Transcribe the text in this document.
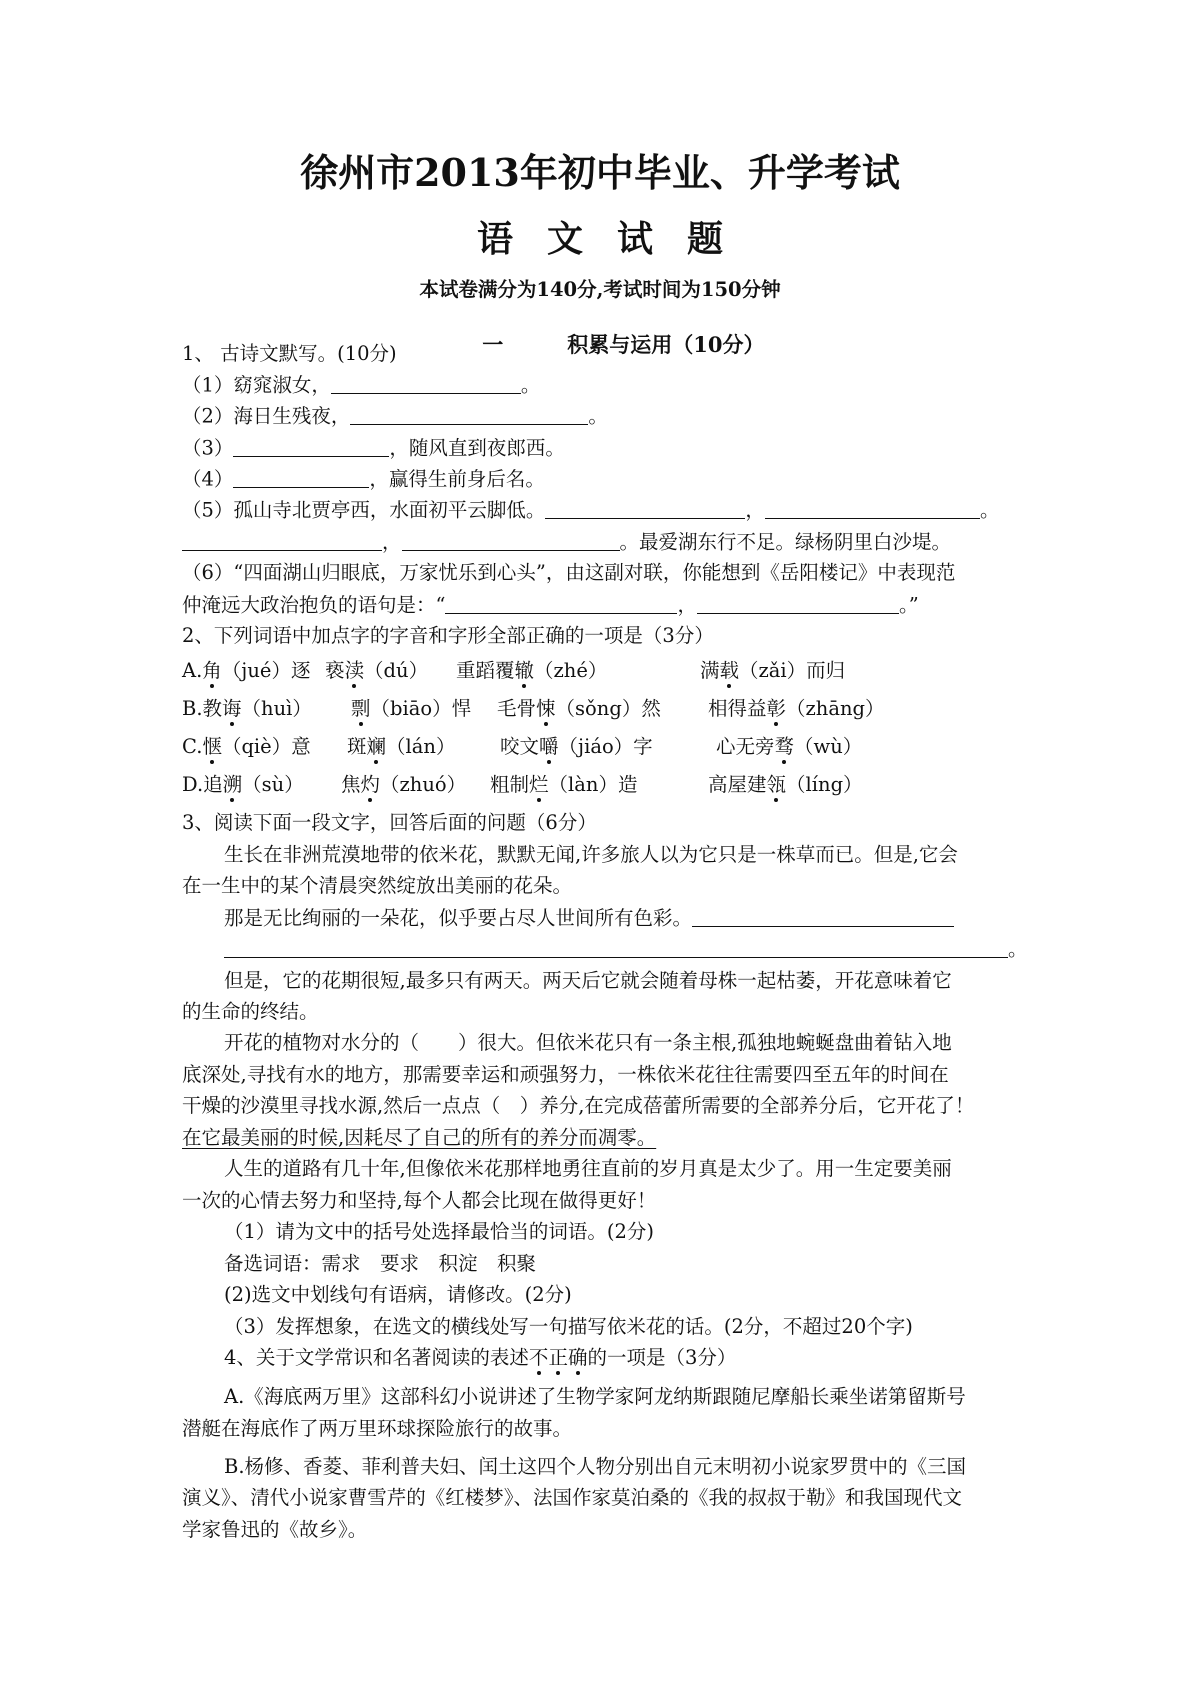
徐州市2013年初中毕业、升学考试
语文试题
本试卷满分为140分,考试时间为150分钟

一	积累与运用（10分）

1、 古诗文默写。(10分)
（1）窈窕淑女，	。
（2）海日生残夜，	。
（3）	，随风直到夜郎西。
（4）	，赢得生前身后名。
（5）孤山寺北贾亭西，水面初平云脚低。	，	。
，	。最爱湖东行不足。绿杨阴里白沙堤。
（6）“四面湖山归眼底，万家忧乐到心头”，由这副对联，你能想到《岳阳楼记》中表现范
仲淹远大政治抱负的语句是：“	，	。”
2、下列词语中加点字的字音和字形全部正确的一项是（3分）
A.角（jué）逐 亵渎（dú） 重蹈覆辙（zhé）	满载（zǎi）而归
B.教诲（huì） 剽（biāo）悍 毛骨悚（sǒng）然 相得益彰（zhāng）
C.惬（qiè）意 斑斓（lán） 咬文嚼（jiáo）字	心无旁骛（wù）
D.追溯（sù） 焦灼（zhuó） 粗制烂（làn）造	高屋建瓴（líng）
3、阅读下面一段文字，回答后面的问题（6分）
生长在非洲荒漠地带的依米花，默默无闻,许多旅人以为它只是一株草而已。但是,它会
在一生中的某个清晨突然绽放出美丽的花朵。
那是无比绚丽的一朵花，似乎要占尽人世间所有色彩。
。
但是，它的花期很短,最多只有两天。两天后它就会随着母株一起枯萎，开花意味着它
的生命的终结。
开花的植物对水分的（　　）很大。但依米花只有一条主根,孤独地蜿蜒盘曲着钻入地
底深处,寻找有水的地方，那需要幸运和顽强努力，一株依米花往往需要四至五年的时间在
干燥的沙漠里寻找水源,然后一点点（　）养分,在完成蓓蕾所需要的全部养分后，它开花了！
在它最美丽的时候,因耗尽了自己的所有的养分而凋零。
人生的道路有几十年,但像依米花那样地勇往直前的岁月真是太少了。用一生定要美丽
一次的心情去努力和坚持,每个人都会比现在做得更好！
（1）请为文中的括号处选择最恰当的词语。(2分)
备选词语：需求　要求　积淀　积聚
(2)选文中划线句有语病，请修改。(2分)
（3）发挥想象，在选文的横线处写一句描写依米花的话。(2分，不超过20个字)
4、关于文学常识和名著阅读的表述不正确的一项是（3分）
A.《海底两万里》这部科幻小说讲述了生物学家阿龙纳斯跟随尼摩船长乘坐诺第留斯号
潜艇在海底作了两万里环球探险旅行的故事。
B.杨修、香菱、菲利普夫妇、闰土这四个人物分别出自元末明初小说家罗贯中的《三国
演义》、清代小说家曹雪芹的《红楼梦》、法国作家莫泊桑的《我的叔叔于勒》和我国现代文
学家鲁迅的《故乡》。
